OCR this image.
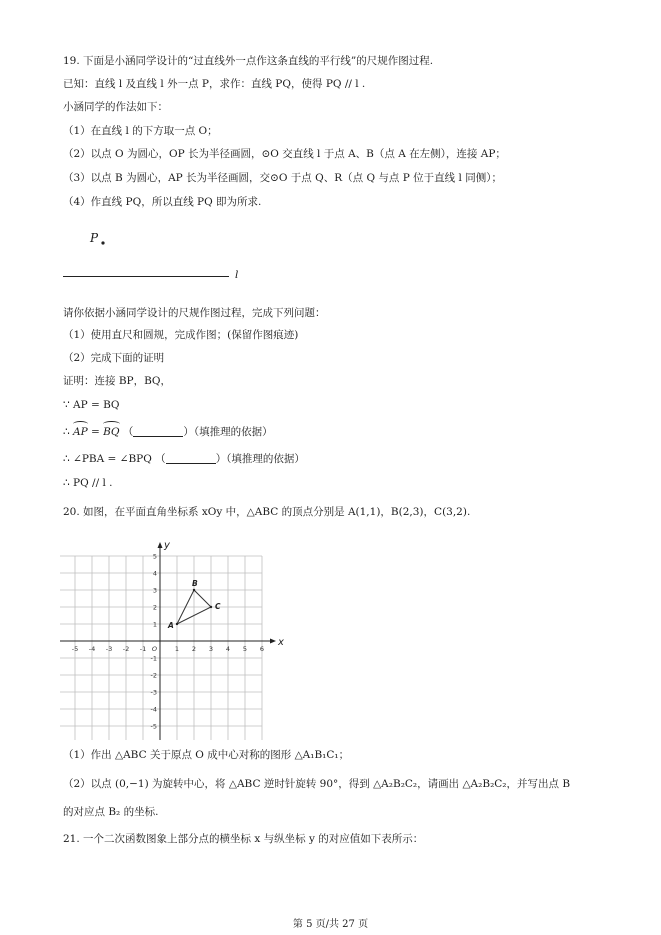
19. 下面是小涵同学设计的“过直线外一点作这条直线的平行线”的尺规作图过程.
已知：直线 l 及直线 l 外一点 P，求作：直线 PQ，使得 PQ // l .
小涵同学的作法如下：
（1）在直线 l 的下方取一点 O；
（2）以点 O 为圆心，OP 长为半径画圆，⊙O 交直线 l 于点 A、B（点 A 在左侧），连接 AP；
（3）以点 B 为圆心，AP 长为半径画圆，交⊙O 于点 Q、R（点 Q 与点 P 位于直线 l 同侧）；
（4）作直线 PQ，所以直线 PQ 即为所求.
P
l
请你依据小涵同学设计的尺规作图过程，完成下列问题：
（1）使用直尺和圆规，完成作图；(保留作图痕迹)
（2）完成下面的证明
证明：连接 BP，BQ，
∵ AP = BQ
∴ AP = BQ （	）（填推理的依据）
∴ ∠PBA = ∠BPQ （	）（填推理的依据）
∴ PQ // l .
20. 如图，在平面直角坐标系 xOy 中，△ABC 的顶点分别是 A(1,1)，B(2,3)，C(3,2).
x
y
-5 -4 -3 -2 -1	1 2 3 4 5 6
5
4
3
2
1
-1
-2
-3
-4
-5
O
A
B
C
（1）作出 △ABC 关于原点 O 成中心对称的图形 △A₁B₁C₁；
（2）以点 (0,−1) 为旋转中心，将 △ABC 逆时针旋转 90°，得到 △A₂B₂C₂，请画出 △A₂B₂C₂，并写出点 B
的对应点 B₂ 的坐标.
21. 一个二次函数图象上部分点的横坐标 x 与纵坐标 y 的对应值如下表所示：
第 5 页/共 27 页
